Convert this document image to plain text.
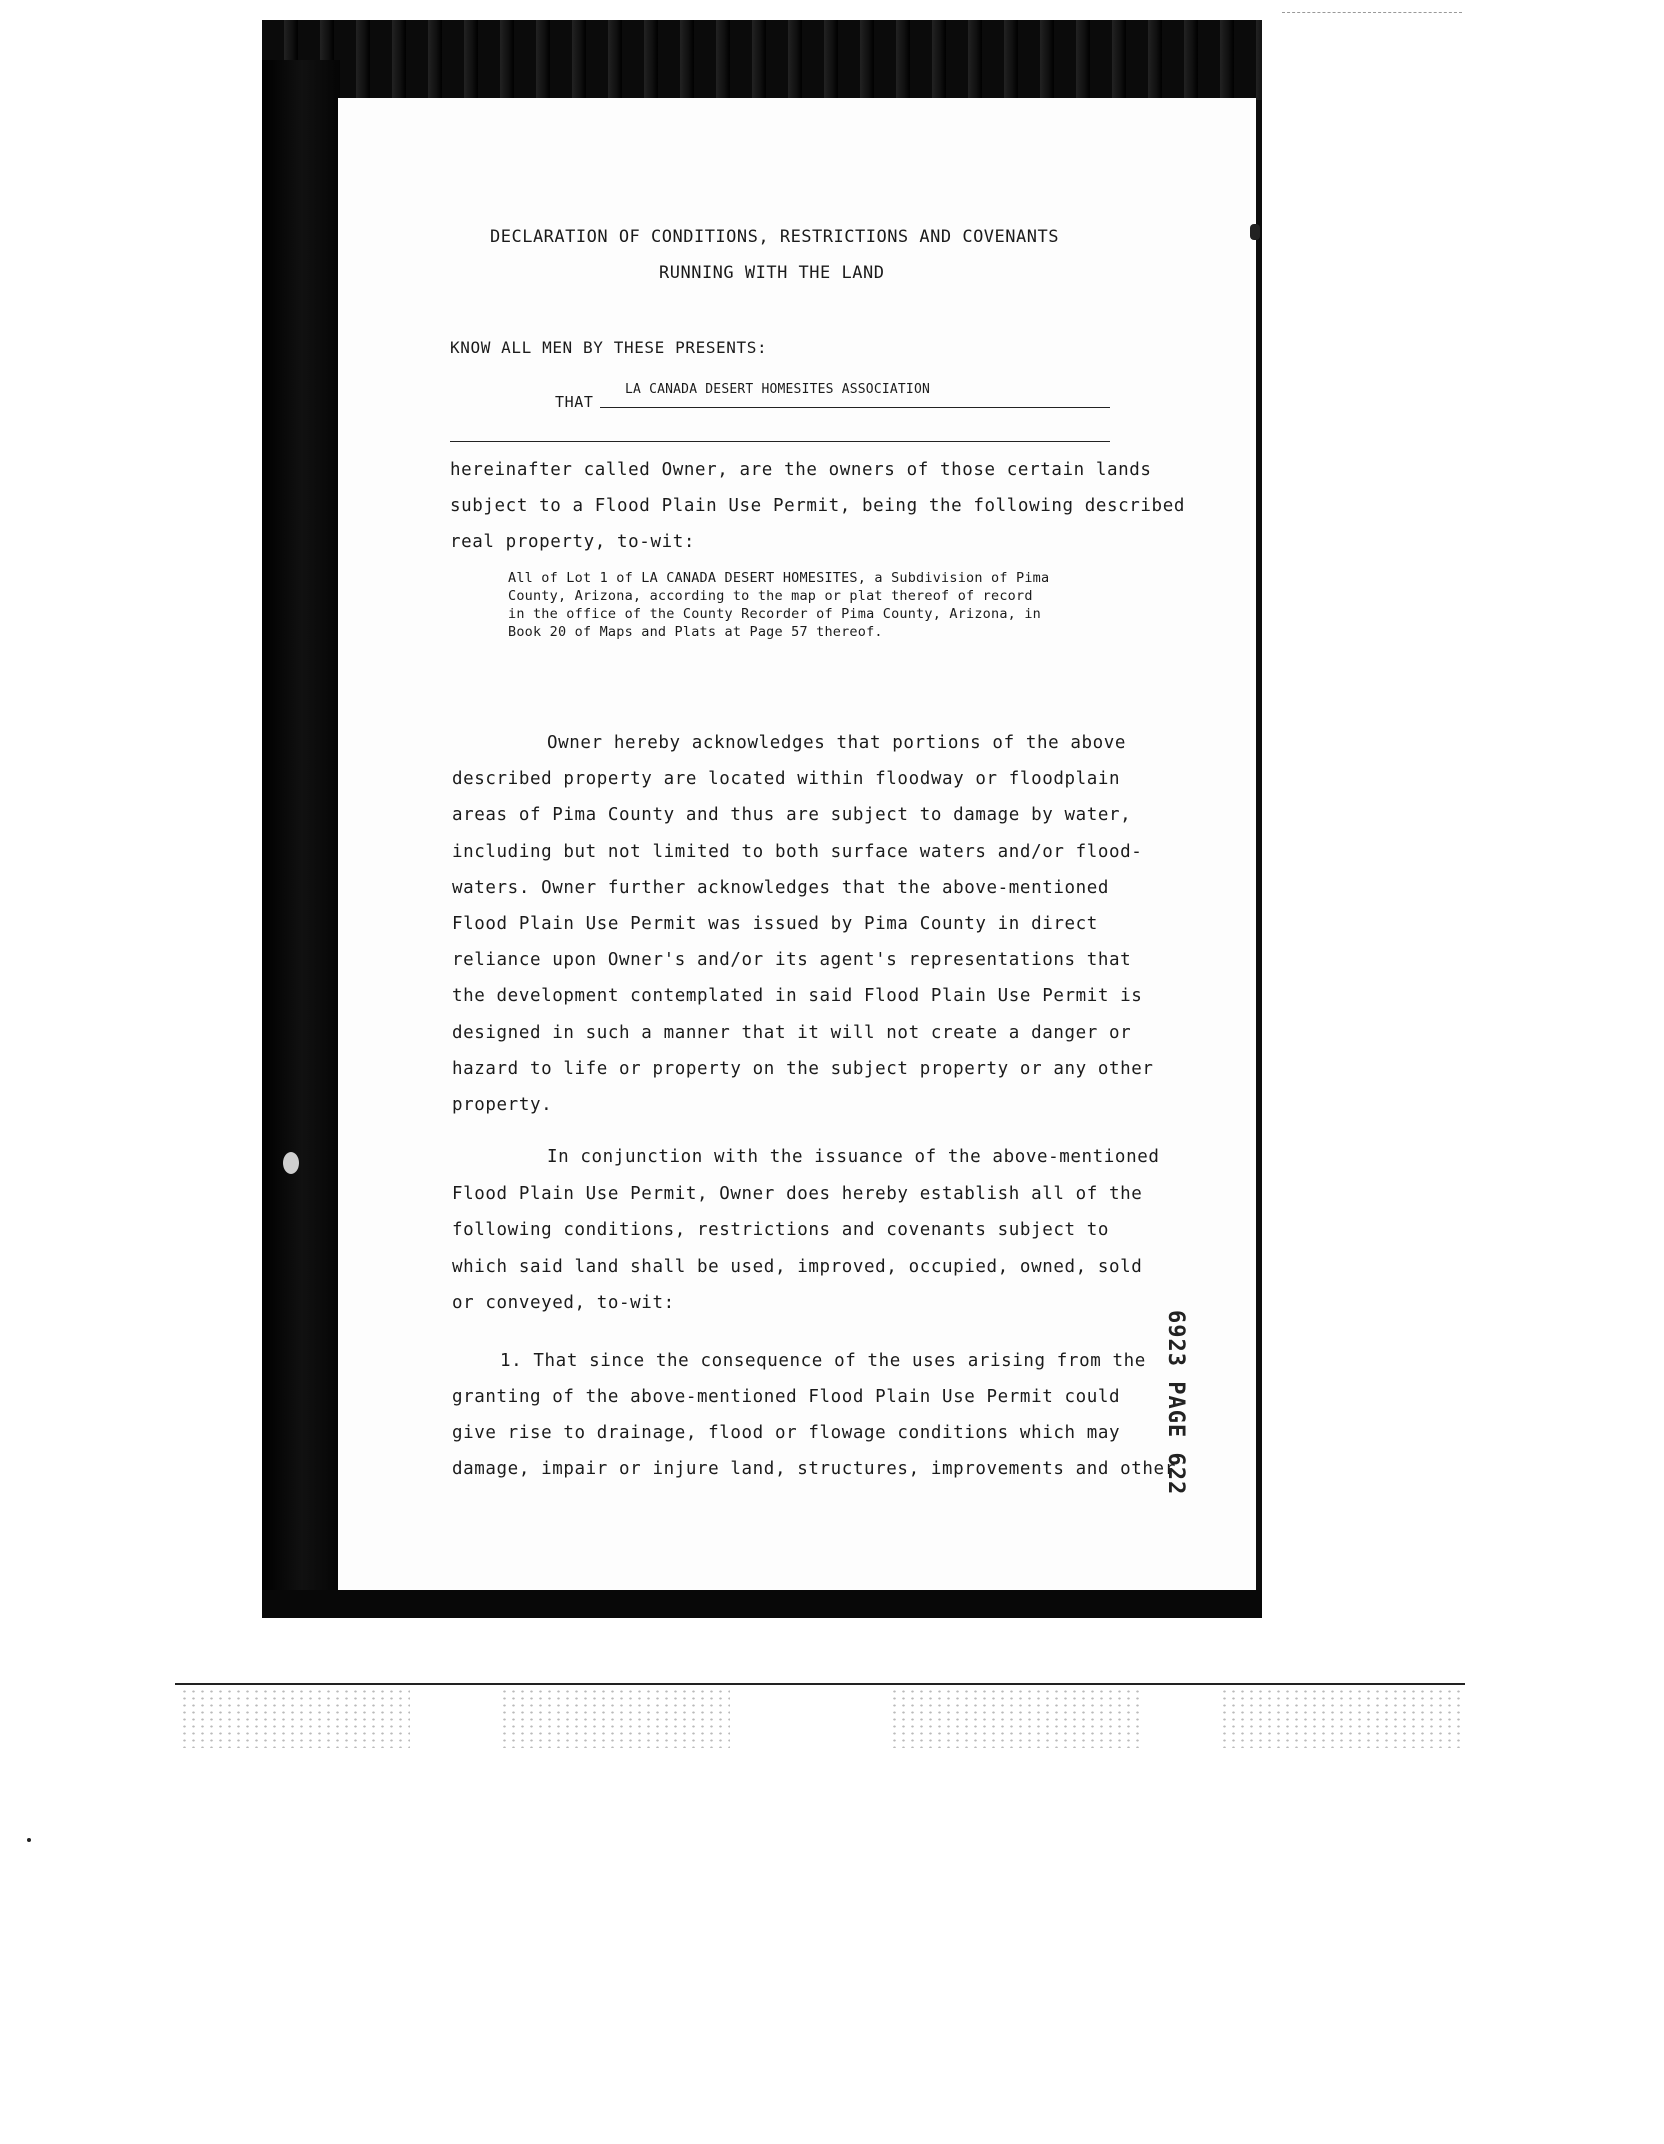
DECLARATION OF CONDITIONS, RESTRICTIONS AND COVENANTS

RUNNING WITH THE LAND

KNOW ALL MEN BY THESE PRESENTS:

THAT

LA CANADA DESERT HOMESITES ASSOCIATION

hereinafter called Owner, are the owners of those certain lands

subject to a Flood Plain Use Permit, being the following described

real property, to-wit:

All of Lot 1 of LA CANADA DESERT HOMESITES, a Subdivision of Pima

County, Arizona, according to the map or plat thereof of record

in the office of the County Recorder of Pima County, Arizona, in

Book 20 of Maps and Plats at Page 57 thereof.

Owner hereby acknowledges that portions of the above

described property are located within floodway or floodplain

areas of Pima County and thus are subject to damage by water,

including but not limited to both surface waters and/or flood-

waters. Owner further acknowledges that the above-mentioned

Flood Plain Use Permit was issued by Pima County in direct

reliance upon Owner's and/or its agent's representations that

the development contemplated in said Flood Plain Use Permit is

designed in such a manner that it will not create a danger or

hazard to life or property on the subject property or any other

property.

In conjunction with the issuance of the above-mentioned

Flood Plain Use Permit, Owner does hereby establish all of the

following conditions, restrictions and covenants subject to

which said land shall be used, improved, occupied, owned, sold

or conveyed, to-wit:

1. That since the consequence of the uses arising from the

granting of the above-mentioned Flood Plain Use Permit could

give rise to drainage, flood or flowage conditions which may

damage, impair or injure land, structures, improvements and other

6923 PAGE 622
